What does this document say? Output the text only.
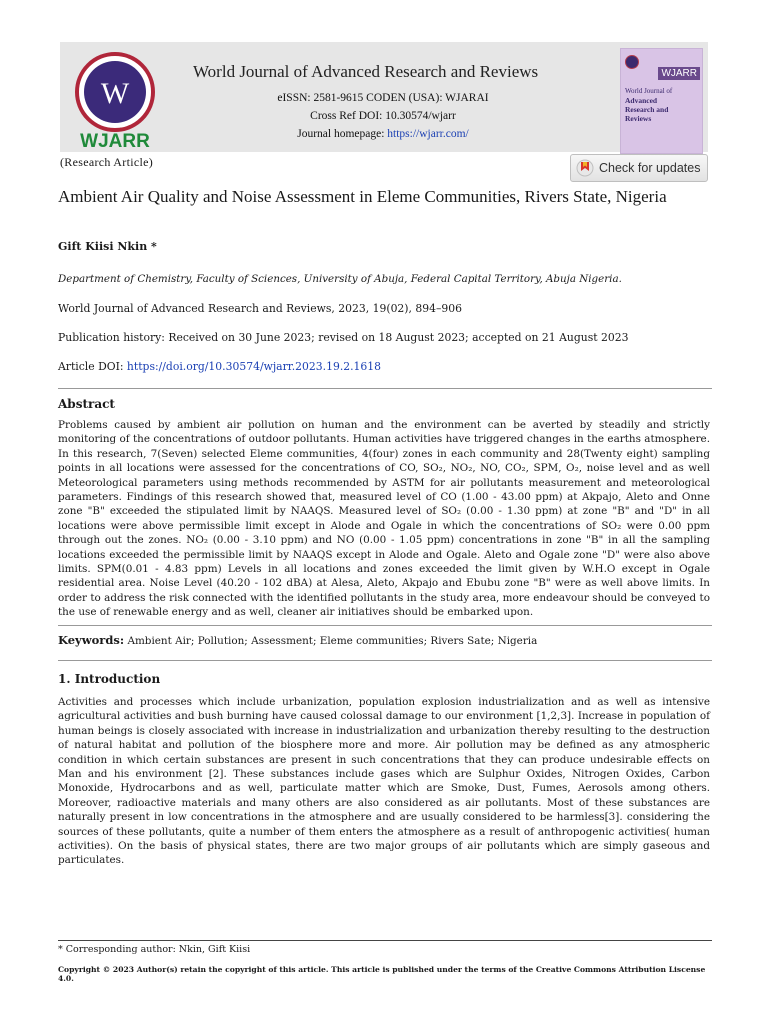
W
WJARR
World Journal of Advanced Research and Reviews
eISSN: 2581-9615 CODEN (USA): WJARAI
Cross Ref DOI: 10.30574/wjarr
Journal homepage: https://wjarr.com/
WJARR
World Journal of
Advanced
Research and
Reviews
(Research Article)	Check for updates
Ambient Air Quality and Noise Assessment in Eleme Communities, Rivers State, Nigeria
Gift Kiisi Nkin *
Department of Chemistry, Faculty of Sciences, University of Abuja, Federal Capital Territory, Abuja Nigeria.
World Journal of Advanced Research and Reviews, 2023, 19(02), 894–906
Publication history: Received on 30 June 2023; revised on 18 August 2023; accepted on 21 August 2023
Article DOI: https://doi.org/10.30574/wjarr.2023.19.2.1618
Abstract
Problems caused by ambient air pollution on human and the environment can be averted by steadily and strictly monitoring of the concentrations of outdoor pollutants. Human activities have triggered changes in the earths atmosphere. In this research, 7(Seven) selected Eleme communities, 4(four) zones in each community and 28(Twenty eight) sampling points in all locations were assessed for the concentrations of CO, SO₂, NO₂, NO, CO₂, SPM, O₂, noise level and as well Meteorological parameters using methods recommended by ASTM for air pollutants measurement and meteorological parameters. Findings of this research showed that, measured level of CO (1.00 - 43.00 ppm) at Akpajo, Aleto and Onne zone "B" exceeded the stipulated limit by NAAQS. Measured level of SO₂ (0.00 - 1.30 ppm) at zone "B" and "D" in all locations were above permissible limit except in Alode and Ogale in which the concentrations of SO₂ were 0.00 ppm through out the zones. NO₂ (0.00 - 3.10 ppm) and NO (0.00 - 1.05 ppm) concentrations in zone "B" in all the sampling locations exceeded the permissible limit by NAAQS except in Alode and Ogale. Aleto and Ogale zone "D" were also above limits. SPM(0.01 - 4.83 ppm) Levels in all locations and zones exceeded the limit given by W.H.O except in Ogale residential area. Noise Level (40.20 - 102 dBA) at Alesa, Aleto, Akpajo and Ebubu zone "B" were as well above limits. In order to address the risk connected with the identified pollutants in the study area, more endeavour should be conveyed to the use of renewable energy and as well, cleaner air initiatives should be embarked upon.
Keywords: Ambient Air; Pollution; Assessment; Eleme communities; Rivers Sate; Nigeria
1. Introduction
Activities and processes which include urbanization, population explosion industrialization and as well as intensive agricultural activities and bush burning have caused colossal damage to our environment [1,2,3]. Increase in population of human beings is closely associated with increase in industrialization and urbanization thereby resulting to the destruction of natural habitat and pollution of the biosphere more and more. Air pollution may be defined as any atmospheric condition in which certain substances are present in such concentrations that they can produce undesirable effects on Man and his environment [2]. These substances include gases which are Sulphur Oxides, Nitrogen Oxides, Carbon Monoxide, Hydrocarbons and as well, particulate matter which are Smoke, Dust, Fumes, Aerosols among others. Moreover, radioactive materials and many others are also considered as air pollutants. Most of these substances are naturally present in low concentrations in the atmosphere and are usually considered to be harmless[3]. considering the sources of these pollutants, quite a number of them enters the atmosphere as a result of anthropogenic activities( human activities). On the basis of physical states, there are two major groups of air pollutants which are simply gaseous and particulates.
* Corresponding author: Nkin, Gift Kiisi
Copyright © 2023 Author(s) retain the copyright of this article. This article is published under the terms of the Creative Commons Attribution Liscense 4.0.
